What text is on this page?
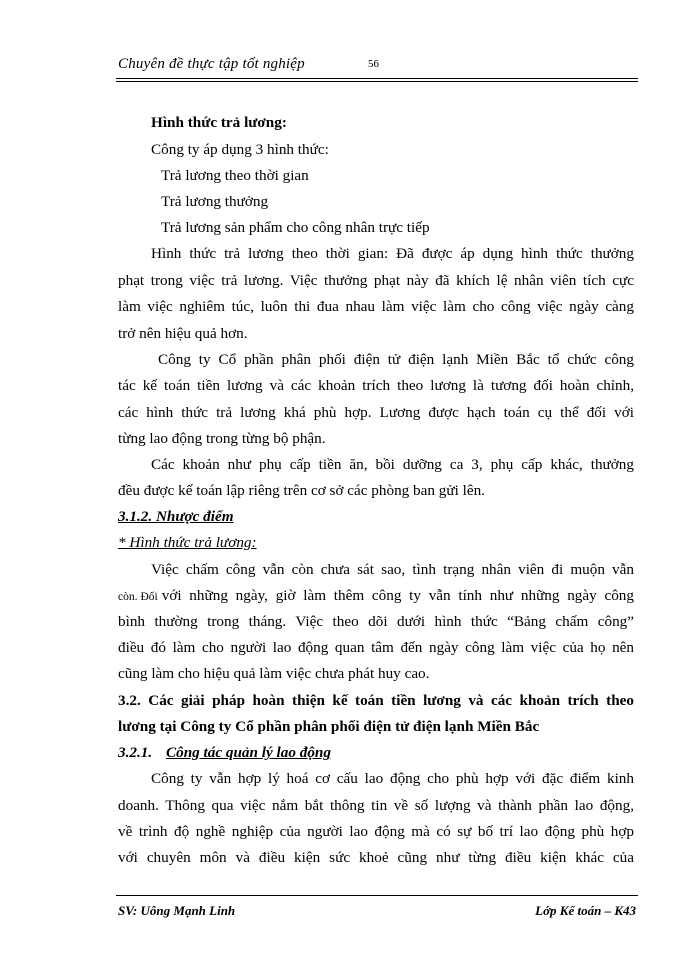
Chuyên đề thực tập tốt nghiệp	56
Hình thức trả lương:
Công ty áp dụng 3 hình thức:
Trả lương theo thời gian
Trả lương thưởng
Trả lương sản phẩm cho công nhân trực tiếp
Hình thức trả lương theo thời gian: Đã được áp dụng hình thức thưởng
phạt trong việc trả lương. Việc thưởng phạt này đã khích lệ nhân viên tích cực
làm việc nghiêm túc, luôn thi đua nhau làm việc làm cho công việc ngày càng
trở nên hiệu quả hơn.
Công ty Cổ phần phân phối điện tử điện lạnh Miền Bắc tổ chức công
tác kế toán tiền lương và các khoản trích theo lương là tương đối hoàn chỉnh,
các hình thức trả lương khá phù hợp. Lương được hạch toán cụ thể đối với
từng lao động trong từng bộ phận.
Các khoản như phụ cấp tiền ăn, bồi dưỡng ca 3, phụ cấp khác, thưởng
đều được kế toán lập riêng trên cơ sở các phòng ban gửi lên.
3.1.2. Nhược điểm
* Hình thức trả lương:
Việc chấm công vẫn còn chưa sát sao, tình trạng nhân viên đi muộn vẫn
còn. Đối với những ngày, giờ làm thêm công ty vẫn tính như những ngày công
bình thường trong tháng. Việc theo dõi dưới hình thức “Bảng chấm công”
điều đó làm cho người lao động quan tâm đến ngày công làm việc của họ nên
cũng làm cho hiệu quả làm việc chưa phát huy cao.
3.2. Các giải pháp hoàn thiện kế toán tiền lương và các khoản trích theo
lương tại Công ty Cổ phần phân phối điện tử điện lạnh Miền Bắc
3.2.1. Công tác quản lý lao động
Công ty vẫn hợp lý hoá cơ cấu lao động cho phù hợp với đặc điểm kinh
doanh. Thông qua việc nắm bắt thông tin về số lượng và thành phần lao động,
về trình độ nghề nghiệp của người lao động mà có sự bố trí lao động phù hợp
với chuyên môn và điều kiện sức khoẻ cũng như từng điều kiện khác của
SV: Uông Mạnh Linh	Lớp Kế toán – K43
